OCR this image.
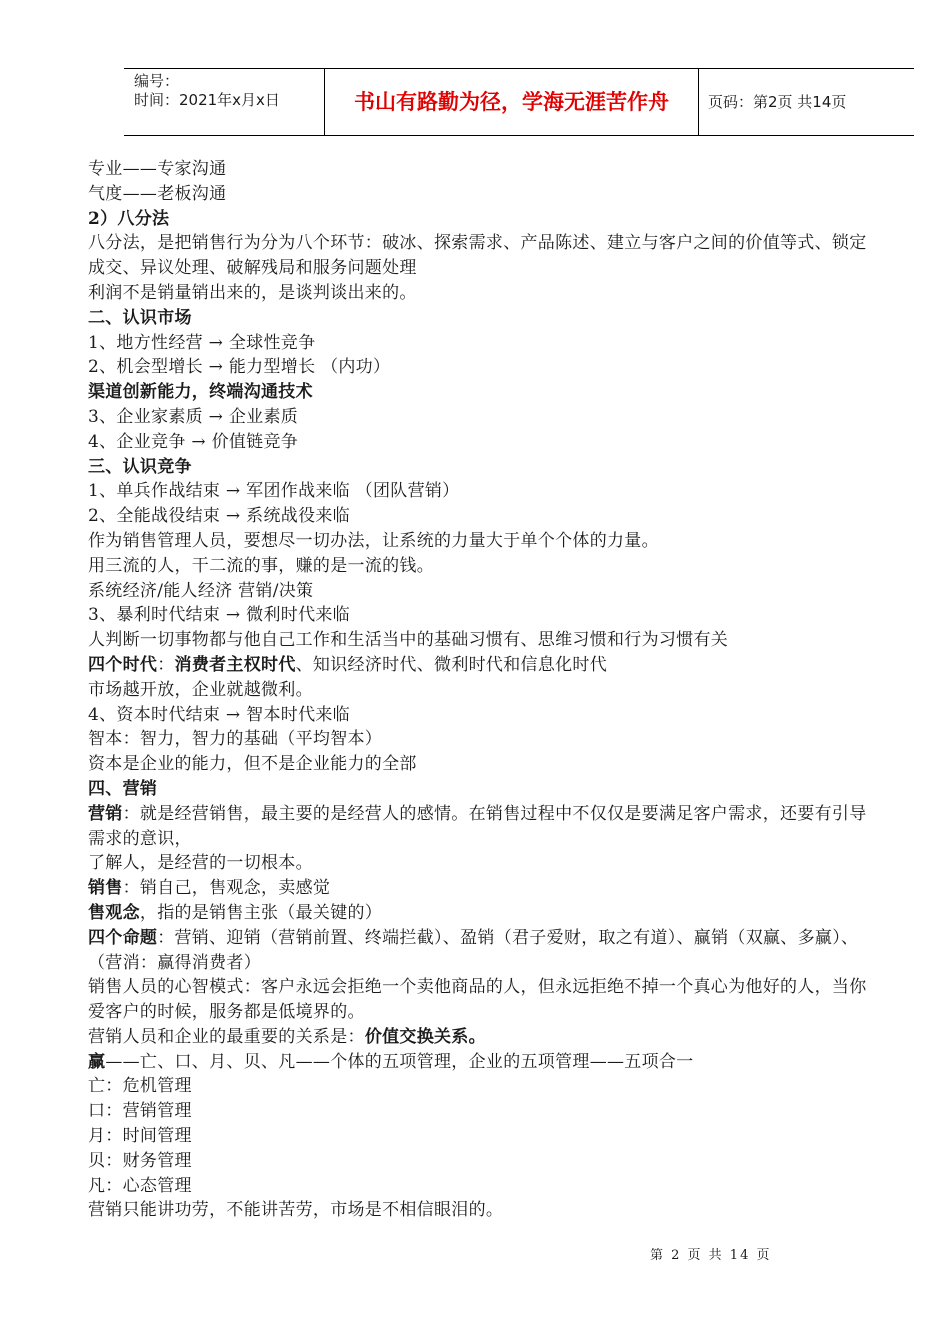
编号：
时间：2021年x月x日	书山有路勤为径，学海无涯苦作舟	页码：第2页 共14页
专业——专家沟通
气度——老板沟通
2）八分法
八分法，是把销售行为分为八个环节：破冰、探索需求、产品陈述、建立与客户之间的价值等式、锁定成交、异议处理、破解残局和服务问题处理
利润不是销量销出来的，是谈判谈出来的。
二、认识市场
1、地方性经营 → 全球性竞争
2、机会型增长 → 能力型增长 （内功）
渠道创新能力，终端沟通技术
3、企业家素质 → 企业素质
4、企业竞争 → 价值链竞争
三、认识竞争
1、单兵作战结束 → 军团作战来临 （团队营销）
2、全能战役结束 → 系统战役来临
作为销售管理人员，要想尽一切办法，让系统的力量大于单个个体的力量。
用三流的人，干二流的事，赚的是一流的钱。
系统经济/能人经济 营销/决策
3、暴利时代结束 → 微利时代来临
人判断一切事物都与他自己工作和生活当中的基础习惯有、思维习惯和行为习惯有关
四个时代：消费者主权时代、知识经济时代、微利时代和信息化时代
市场越开放，企业就越微利。
4、资本时代结束 → 智本时代来临
智本：智力，智力的基础（平均智本）
资本是企业的能力，但不是企业能力的全部
四、营销
营销：就是经营销售，最主要的是经营人的感情。在销售过程中不仅仅是要满足客户需求，还要有引导需求的意识，
了解人，是经营的一切根本。
销售：销自己，售观念，卖感觉
售观念，指的是销售主张（最关键的）
四个命题：营销、迎销（营销前置、终端拦截）、盈销（君子爱财，取之有道）、赢销（双赢、多赢）、（营消：赢得消费者）
销售人员的心智模式：客户永远会拒绝一个卖他商品的人，但永远拒绝不掉一个真心为他好的人，当你爱客户的时候，服务都是低境界的。
营销人员和企业的最重要的关系是：价值交换关系。
赢——亡、口、月、贝、凡——个体的五项管理，企业的五项管理——五项合一
亡：危机管理
口：营销管理
月：时间管理
贝：财务管理
凡：心态管理
营销只能讲功劳，不能讲苦劳，市场是不相信眼泪的。
第 2 页 共 14 页
